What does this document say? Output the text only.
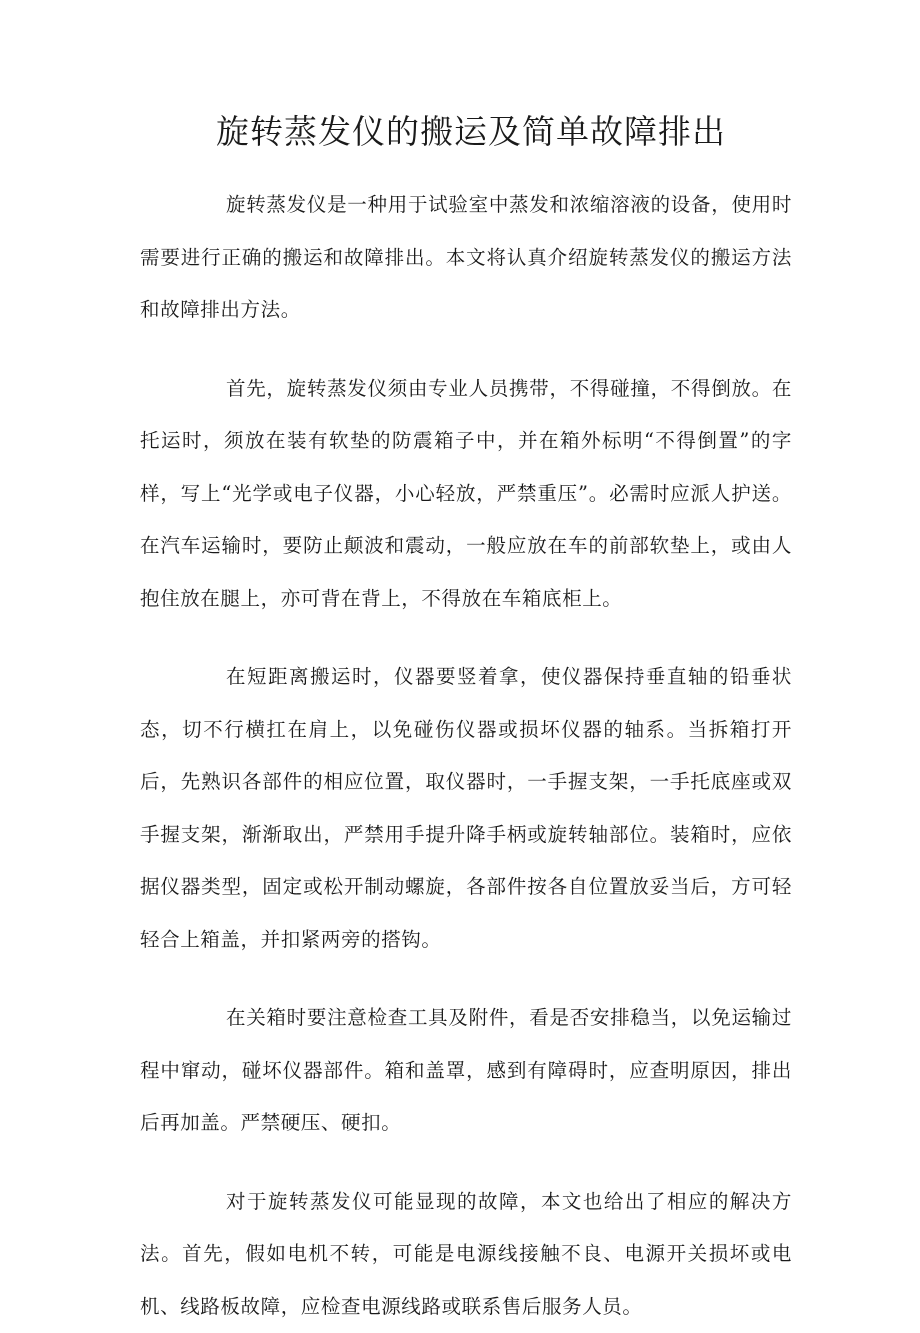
旋转蒸发仪的搬运及简单故障排出

旋转蒸发仪是一种用于试验室中蒸发和浓缩溶液的设备，使用时需要进行正确的搬运和故障排出。本文将认真介绍旋转蒸发仪的搬运方法和故障排出方法。

首先，旋转蒸发仪须由专业人员携带，不得碰撞，不得倒放。在托运时，须放在装有软垫的防震箱子中，并在箱外标明“不得倒置”的字样，写上“光学或电子仪器，小心轻放，严禁重压”。必需时应派人护送。在汽车运输时，要防止颠波和震动，一般应放在车的前部软垫上，或由人抱住放在腿上，亦可背在背上，不得放在车箱底柜上。

在短距离搬运时，仪器要竖着拿，使仪器保持垂直轴的铅垂状态，切不行横扛在肩上，以免碰伤仪器或损坏仪器的轴系。当拆箱打开后，先熟识各部件的相应位置，取仪器时，一手握支架，一手托底座或双手握支架，渐渐取出，严禁用手提升降手柄或旋转轴部位。装箱时，应依据仪器类型，固定或松开制动螺旋，各部件按各自位置放妥当后，方可轻轻合上箱盖，并扣紧两旁的搭钩。

在关箱时要注意检查工具及附件，看是否安排稳当，以免运输过程中窜动，碰坏仪器部件。箱和盖罩，感到有障碍时，应查明原因，排出后再加盖。严禁硬压、硬扣。

对于旋转蒸发仪可能显现的故障，本文也给出了相应的解决方法。首先，假如电机不转，可能是电源线接触不良、电源开关损坏或电机、线路板故障，应检查电源线路或联系售后服务人员。
